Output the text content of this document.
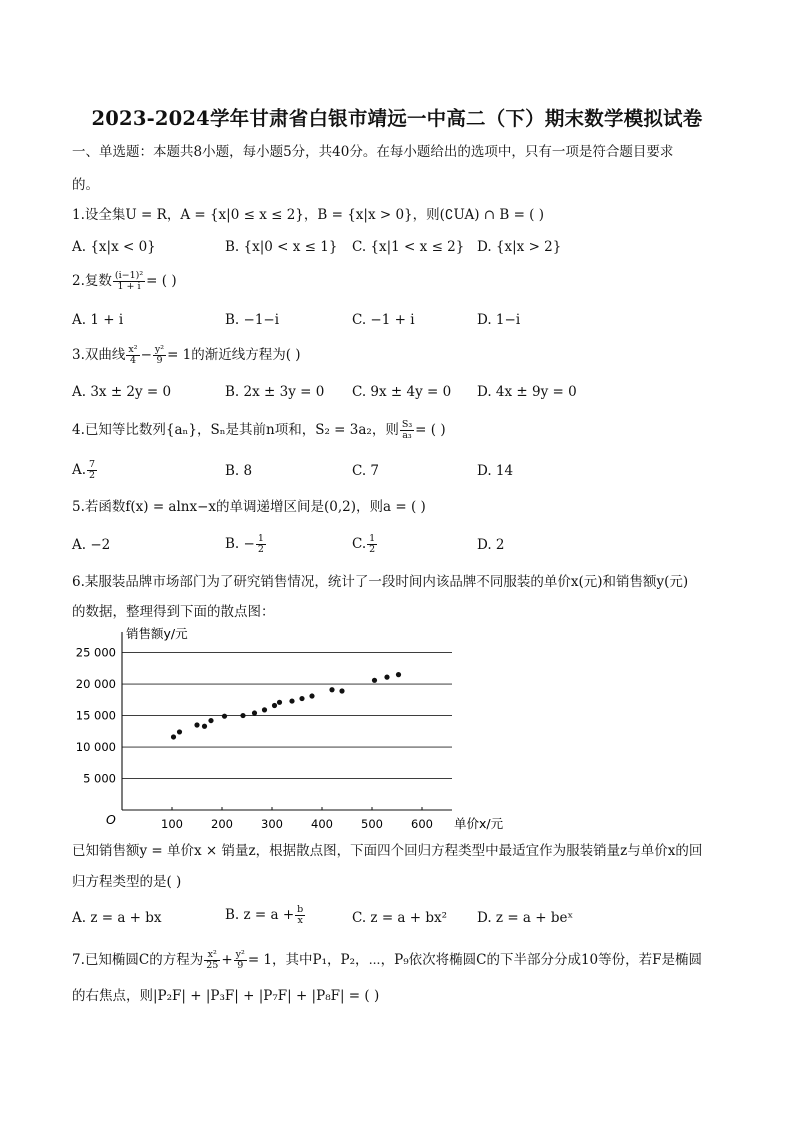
2023-2024学年甘肃省白银市靖远一中高二（下）期末数学模拟试卷
一、单选题：本题共8小题，每小题5分，共40分。在每小题给出的选项中，只有一项是符合题目要求
的。
1.设全集U = R，A = {x|0 ≤ x ≤ 2}，B = {x|x > 0}，则(∁UA) ∩ B = ( )
A. {x|x < 0}	B. {x|0 < x ≤ 1} C. {x|1 < x ≤ 2} D. {x|x > 2}
2.复数 $\frac{\text{(i−1)²}}{1 + i}$ = ( )
A. 1 + i	B. −1−i	C. −1 + i	D. 1−i
3.双曲线 $\frac{\text{x²}}{4} - \frac{\text{y²}}{9} = 1$的渐近线方程为( )
A. 3x ± 2y = 0	B. 2x ± 3y = 0 C. 9x ± 4y = 0 D. 4x ± 9y = 0
4.已知等比数列{aₙ}，Sₙ是其前n项和，S₂ = 3a₂，则 $\frac{\text{S₃}}{\text{a₃}}$ = ( )
A. $\frac{7}{2}$	B. 8	C. 7	D. 14
5.若函数f(x) = alnx−x的单调递增区间是(0,2)，则a = ( )
A. −2	B. − $\frac{1}{2}$	C. $\frac{1}{2}$	D. 2
6.某服装品牌市场部门为了研究销售情况，统计了一段时间内该品牌不同服装的单价x(元)和销售额y(元)
的数据，整理得到下面的散点图：
5 000
10 000
15 000
20 000
25 000
100 200 300 400 500 600
销售额y/元
单价x/元
O
已知销售额y = 单价x × 销量z，根据散点图，下面四个回归方程类型中最适宜作为服装销量z与单价x的回
归方程类型的是( )
A. z = a + bx	B. $z = a + \frac{b}{x}$	C. z = a + bx² D. z = a + beˣ
7.已知椭圆C的方程为 $\frac{\text{x²}}{25} + \frac{\text{y²}}{9} = 1$，其中P₁，P₂，⋯，P₉依次将椭圆C的下半部分分成10等份，若F是椭圆
的右焦点，则|P₂F| + |P₃F| + |P₇F| + |P₈F| = ( )
